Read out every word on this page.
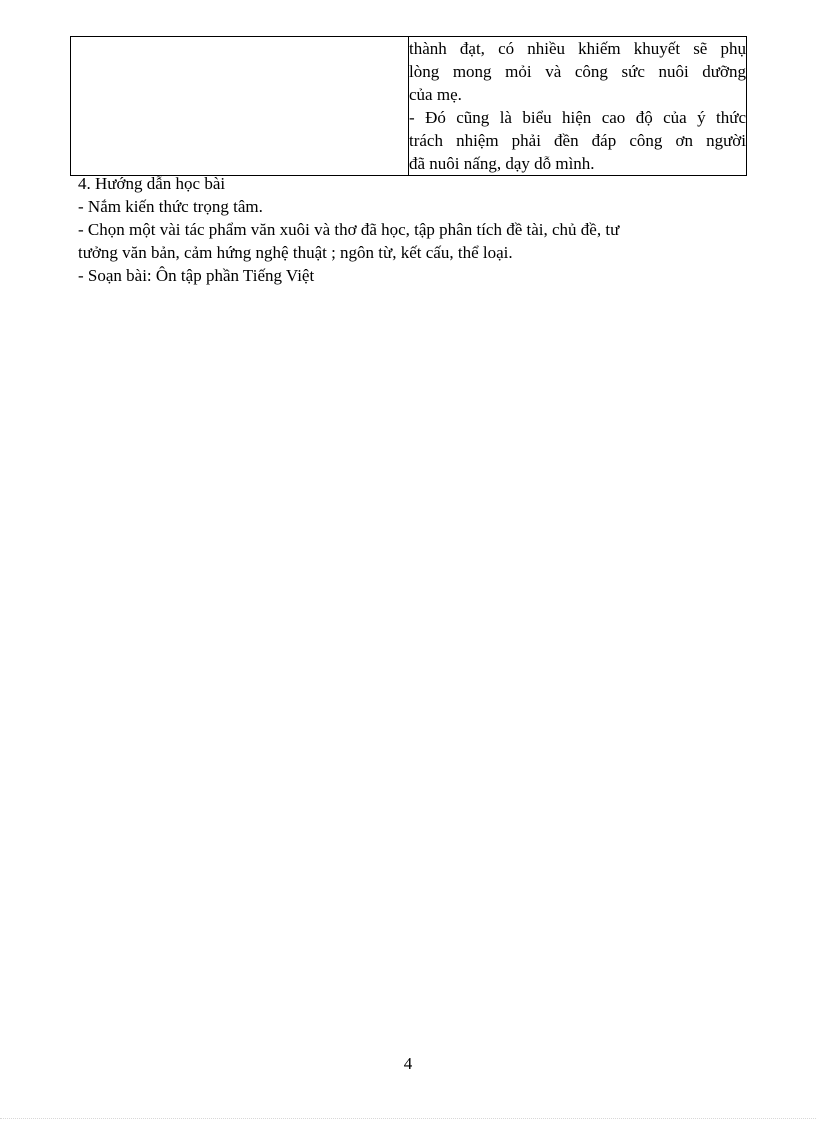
thành đạt, có nhiều khiếm khuyết sẽ phụ
lòng mong mỏi và công sức nuôi dưỡng
của mẹ.
- Đó cũng là biểu hiện cao độ của ý thức
trách nhiệm phải đền đáp công ơn người
đã nuôi nấng, dạy dỗ mình.

4. Hướng dẫn học bài

- Nắm kiến thức trọng tâm.

- Chọn một vài tác phẩm văn xuôi và thơ đã học, tập phân tích đề tài, chủ đề, tư

tưởng văn bản, cảm hứng nghệ thuật ; ngôn từ, kết cấu, thể loại.

- Soạn bài: Ôn tập phần Tiếng Việt

4
